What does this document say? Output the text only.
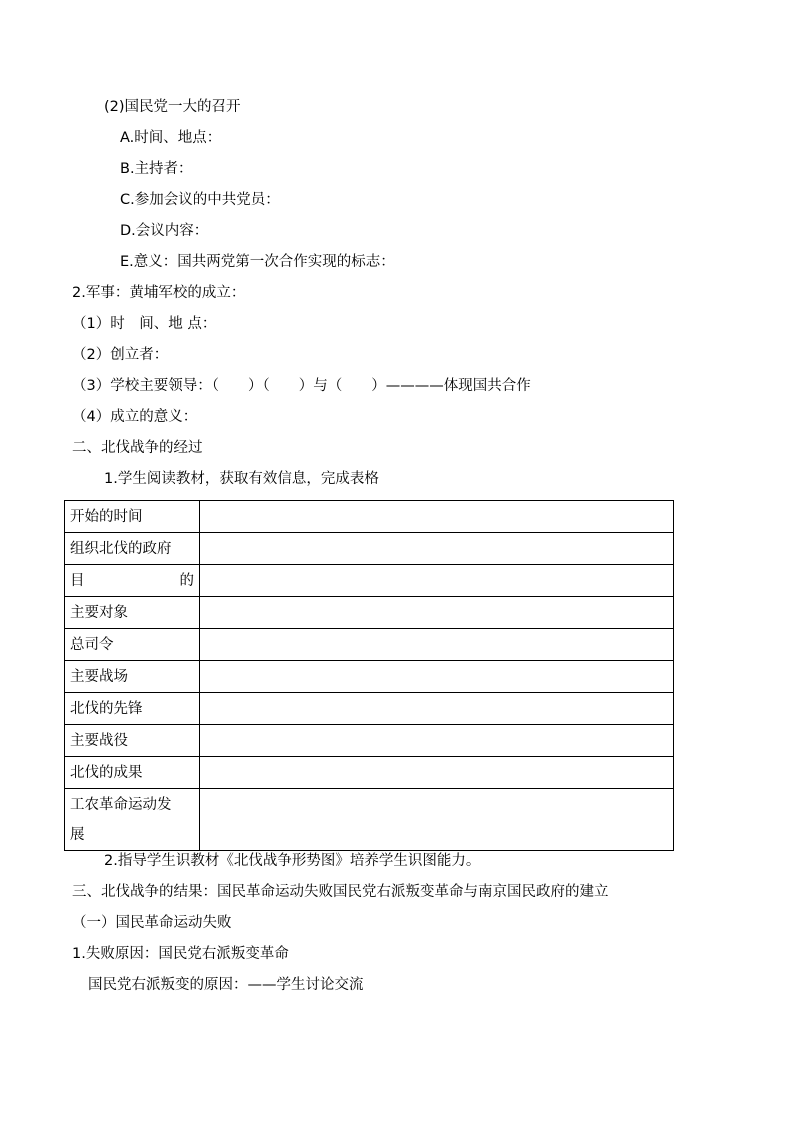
(2)国民党一大的召开
A.时间、地点：
B.主持者：
C.参加会议的中共党员：
D.会议内容：
E.意义：国共两党第一次合作实现的标志：
2.军事：黄埔军校的成立：
（1）时　间、地 点：
（2）创立者：
（3）学校主要领导：（　　）（　　）与（　　）————体现国共合作
（4）成立的意义：
二、北伐战争的经过
1.学生阅读教材，获取有效信息，完成表格
开始的时间	
组织北伐的政府	

目 的	

主要对象	
总司令	
主要战场	
北伐的先锋	
主要战役	
北伐的成果	

工农革命运动发
展	

2.指导学生识教材《北伐战争形势图》培养学生识图能力。
三、北伐战争的结果：国民革命运动失败国民党右派叛变革命与南京国民政府的建立
（一）国民革命运动失败
1.失败原因：国民党右派叛变革命
国民党右派叛变的原因：——学生讨论交流
